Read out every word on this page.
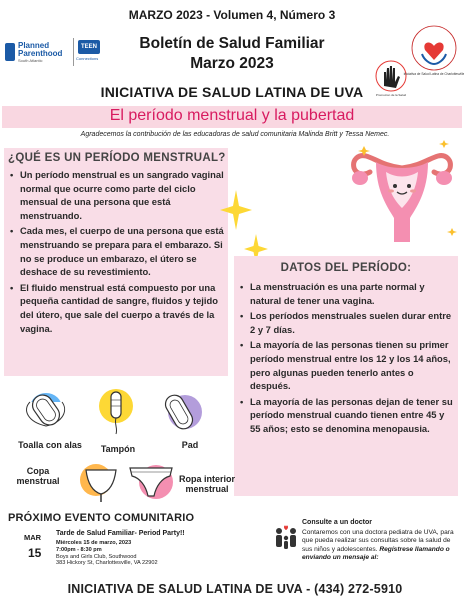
MARZO 2023 - Volumen 4, Número 3
Planned
Parenthood
South Atlantic
TEEN
Connections
Boletín de Salud Familiar
Marzo 2023
INICIATIVA DE SALUD LATINA DE UVA	Promocion de la Salud
Iniciativa de Salud Latina de Charlottesville
El período menstrual y la pubertad
Agradecemos la contribución de las educadoras de salud comunitaria Malinda Britt y Tessa Nemec.
¿QUÉ ES UN PERÍODO MENSTRUAL?
• Un período menstrual es un sangrado vaginal normal que ocurre como parte del ciclo mensual de una persona que está menstruando.
• Cada mes, el cuerpo de una persona que está menstruando se prepara para el embarazo. Si no se produce un embarazo, el útero se deshace de su revestimiento.
• El fluido menstrual está compuesto por una pequeña cantidad de sangre, fluidos y tejido del útero, que sale del cuerpo a través de la vagina.
DATOS DEL PERÍODO:
• La menstruación es una parte normal y natural de tener una vagina.
• Los períodos menstruales suelen durar entre 2 y 7 días.
• La mayoría de las personas tienen su primer período menstrual entre los 12 y los 14 años, pero algunas pueden tenerlo antes o después.
• La mayoría de las personas dejan de tener su período menstrual cuando tienen entre 45 y 55 años; esto se denomina menopausia.
Toalla con alas	Tampón	Pad
Copa
menstrual	Ropa interior
menstrual
PRÓXIMO EVENTO COMUNITARIO
MAR
15
Tarde de Salud Familiar- Period Party!!
Miércoles 15 de marzo, 2023
7:00pm - 8:30 pm
Boys and Girls Club, Southwood
383 Hickory St, Charlottesville, VA 22902
Consulte a un doctor
Contaremos con una doctora pediatra de UVA, para que pueda realizar sus consultas sobre la salud de sus niños y adolescentes. Regístrese llamando o enviando un mensaje al:
INICIATIVA DE SALUD LATINA DE UVA - (434) 272-5910
